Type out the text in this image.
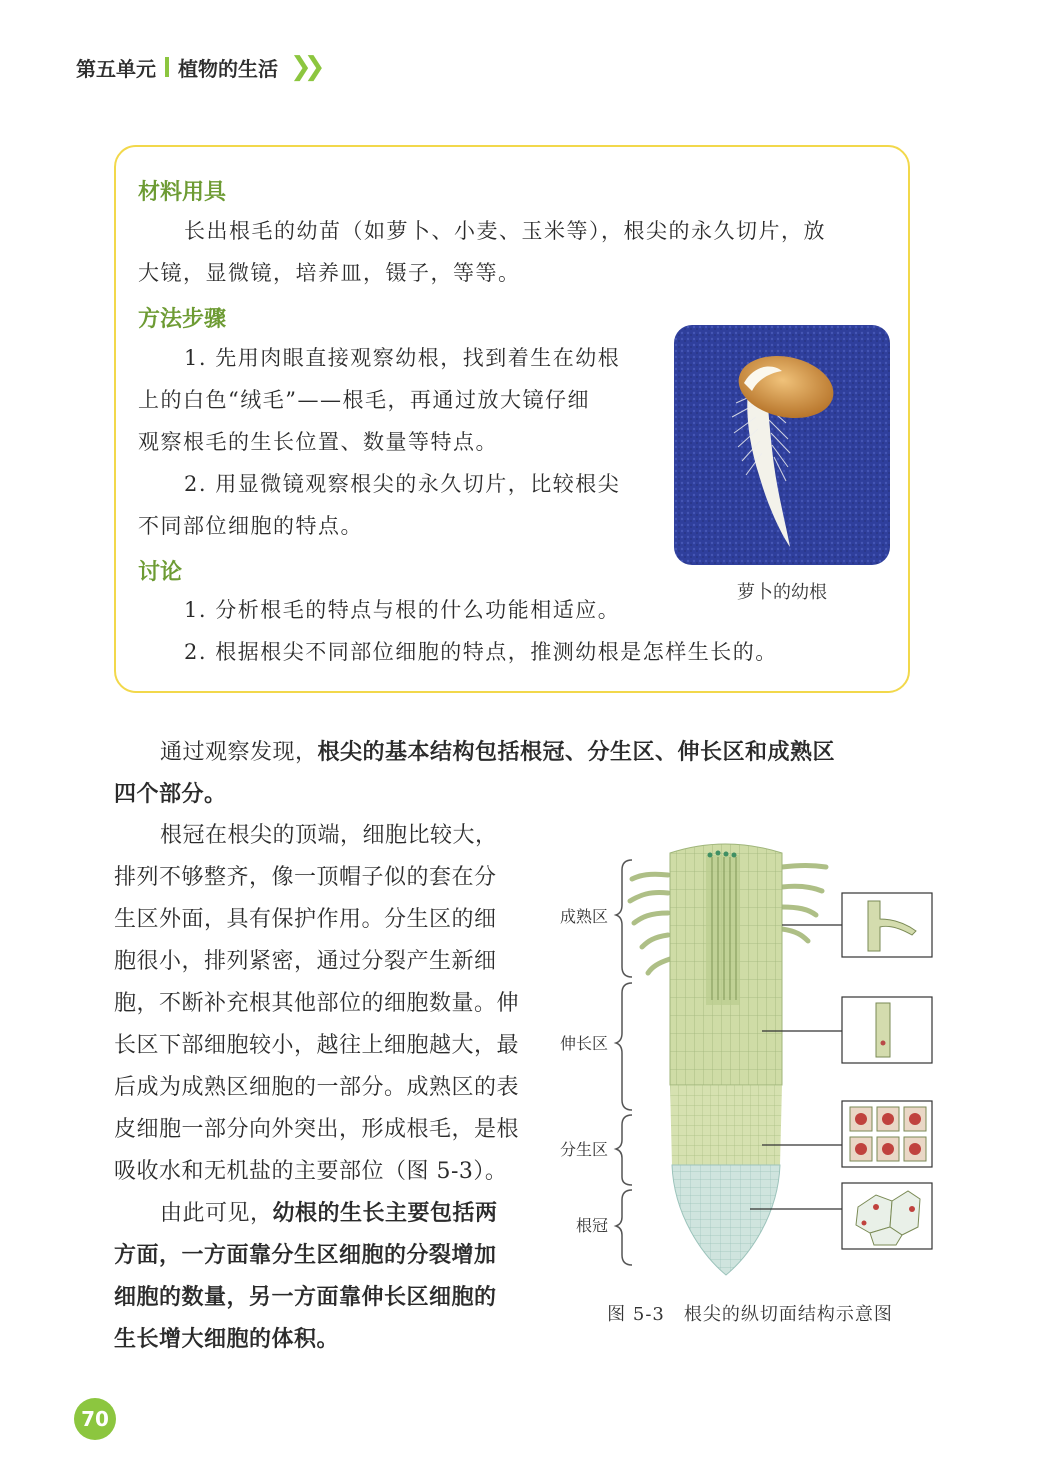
第五单元 植物的生活 ❯❯
材料用具

长出根毛的幼苗（如萝卜、小麦、玉米等），根尖的永久切片，放

大镜，显微镜，培养皿，镊子，等等。

方法步骤

1. 先用肉眼直接观察幼根，找到着生在幼根

上的白色“绒毛”——根毛，再通过放大镜仔细

观察根毛的生长位置、数量等特点。

2. 用显微镜观察根尖的永久切片，比较根尖

不同部位细胞的特点。

讨论

1. 分析根毛的特点与根的什么功能相适应。

2. 根据根尖不同部位细胞的特点，推测幼根是怎样生长的。

萝卜的幼根

通过观察发现，根尖的基本结构包括根冠、分生区、伸长区和成熟区

四个部分。

根冠在根尖的顶端，细胞比较大，

排列不够整齐，像一顶帽子似的套在分

生区外面，具有保护作用。分生区的细

胞很小，排列紧密，通过分裂产生新细

胞，不断补充根其他部位的细胞数量。伸

长区下部细胞较小，越往上细胞越大，最

后成为成熟区细胞的一部分。成熟区的表

皮细胞一部分向外突出，形成根毛，是根

吸收水和无机盐的主要部位（图 5-3）。

由此可见，幼根的生长主要包括两

方面，一方面靠分生区细胞的分裂增加

细胞的数量，另一方面靠伸长区细胞的

生长增大细胞的体积。

成熟区
伸长区
分生区
根冠
图 5-3　根尖的纵切面结构示意图
70
